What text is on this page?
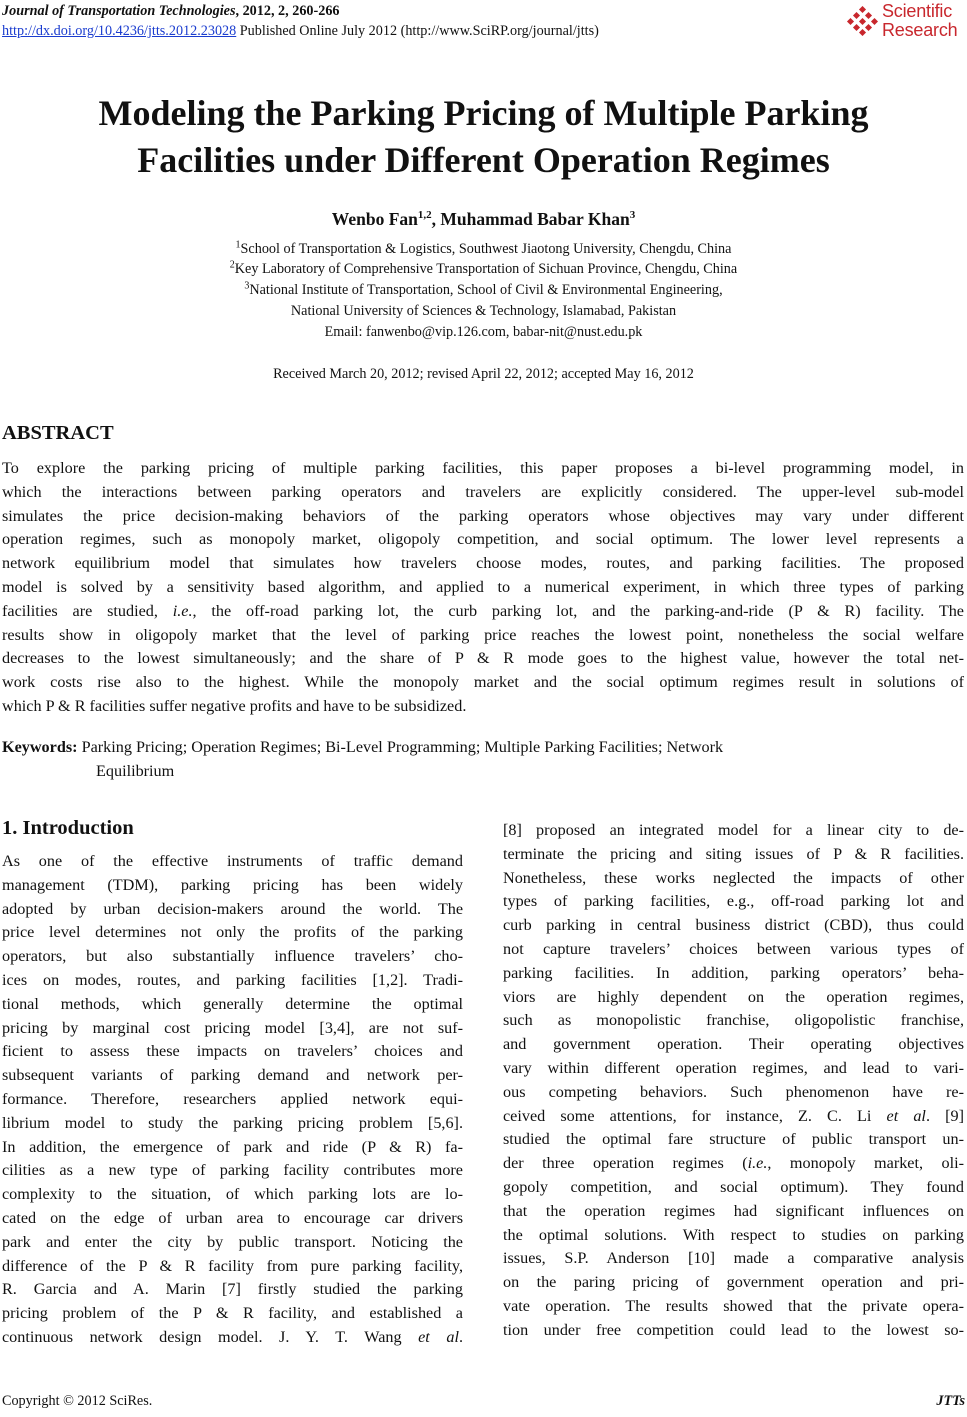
Journal of Transportation Technologies, 2012, 2, 260-266
http://dx.doi.org/10.4236/jtts.2012.23028 Published Online July 2012 (http://www.SciRP.org/journal/jtts)
Scientific
Research
Modeling the Parking Pricing of Multiple Parking
Facilities under Different Operation Regimes
Wenbo Fan$^{1,2}$, Muhammad Babar Khan$^3$
$^1$School of Transportation & Logistics, Southwest Jiaotong University, Chengdu, China
$^2$Key Laboratory of Comprehensive Transportation of Sichuan Province, Chengdu, China
$^3$National Institute of Transportation, School of Civil & Environmental Engineering,
National University of Sciences & Technology, Islamabad, Pakistan
Email: fanwenbo@vip.126.com, babar-nit@nust.edu.pk
Received March 20, 2012; revised April 22, 2012; accepted May 16, 2012
ABSTRACT
To explore the parking pricing of multiple parking facilities, this paper proposes a bi-level programming model, in
which the interactions between parking operators and travelers are explicitly considered. The upper-level sub-model
simulates the price decision-making behaviors of the parking operators whose objectives may vary under different
operation regimes, such as monopoly market, oligopoly competition, and social optimum. The lower level represents a
network equilibrium model that simulates how travelers choose modes, routes, and parking facilities. The proposed
model is solved by a sensitivity based algorithm, and applied to a numerical experiment, in which three types of parking
facilities are studied, i.e., the off-road parking lot, the curb parking lot, and the parking-and-ride (P & R) facility. The
results show in oligopoly market that the level of parking price reaches the lowest point, nonetheless the social welfare
decreases to the lowest simultaneously; and the share of P & R mode goes to the highest value, however the total net-
work costs rise also to the highest. While the monopoly market and the social optimum regimes result in solutions of
which P & R facilities suffer negative profits and have to be subsidized.
Keywords: Parking Pricing; Operation Regimes; Bi-Level Programming; Multiple Parking Facilities; Network
Equilibrium
1. Introduction
As one of the effective instruments of traffic demand
management (TDM), parking pricing has been widely
adopted by urban decision-makers around the world. The
price level determines not only the profits of the parking
operators, but also substantially influence travelers’ cho-
ices on modes, routes, and parking facilities [1,2]. Tradi-
tional methods, which generally determine the optimal
pricing by marginal cost pricing model [3,4], are not suf-
ficient to assess these impacts on travelers’ choices and
subsequent variants of parking demand and network per-
formance. Therefore, researchers applied network equi-
librium model to study the parking pricing problem [5,6].
In addition, the emergence of park and ride (P & R) fa-
cilities as a new type of parking facility contributes more
complexity to the situation, of which parking lots are lo-
cated on the edge of urban area to encourage car drivers
park and enter the city by public transport. Noticing the
difference of the P & R facility from pure parking facility,
R. Garcia and A. Marin [7] firstly studied the parking
pricing problem of the P & R facility, and established a
continuous network design model. J. Y. T. Wang et al.
[8] proposed an integrated model for a linear city to de-
terminate the pricing and siting issues of P & R facilities.
Nonetheless, these works neglected the impacts of other
types of parking facilities, e.g., off-road parking lot and
curb parking in central business district (CBD), thus could
not capture travelers’ choices between various types of
parking facilities. In addition, parking operators’ beha-
viors are highly dependent on the operation regimes,
such as monopolistic franchise, oligopolistic franchise,
and government operation. Their operating objectives
vary within different operation regimes, and lead to vari-
ous competing behaviors. Such phenomenon have re-
ceived some attentions, for instance, Z. C. Li et al. [9]
studied the optimal fare structure of public transport un-
der three operation regimes (i.e., monopoly market, oli-
gopoly competition, and social optimum). They found
that the operation regimes had significant influences on
the optimal solutions. With respect to studies on parking
issues, S.P. Anderson [10] made a comparative analysis
on the paring pricing of government operation and pri-
vate operation. The results showed that the private opera-
tion under free competition could lead to the lowest so-
Copyright © 2012 SciRes.	JTTs
